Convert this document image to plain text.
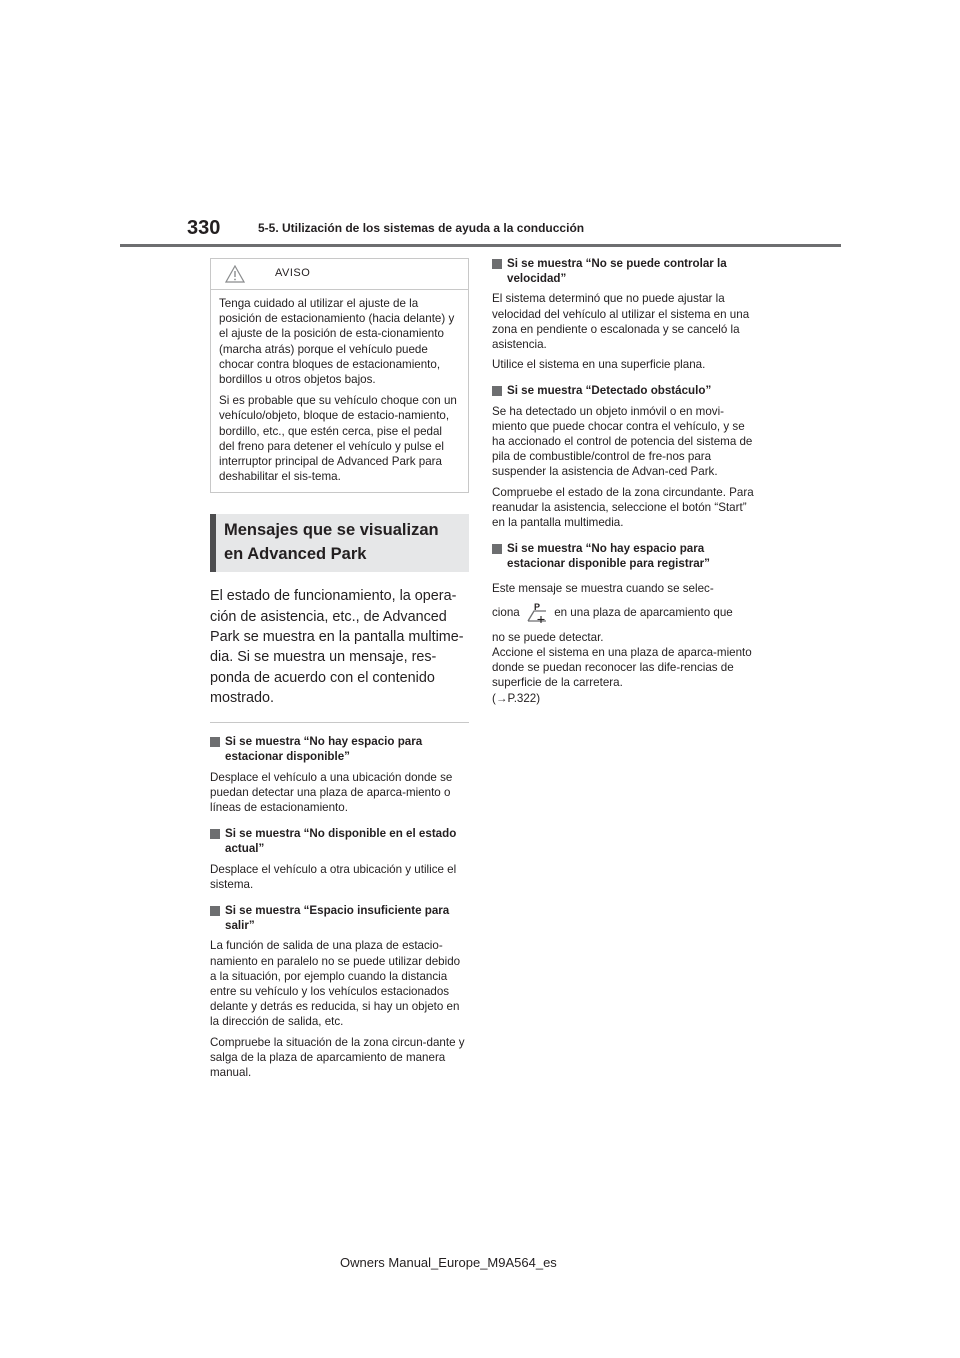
330	5-5. Utilización de los sistemas de ayuda a la conducción
AVISO

Tenga cuidado al utilizar el ajuste de la posición de estacionamiento (hacia delante) y el ajuste de la posición de esta-cionamiento (marcha atrás) porque el vehículo puede chocar contra bloques de estacionamiento, bordillos u otros objetos bajos.

Si es probable que su vehículo choque con un vehículo/objeto, bloque de estacio-namiento, bordillo, etc., que estén cerca, pise el pedal del freno para detener el vehículo y pulse el interruptor principal de Advanced Park para deshabilitar el sis-tema.

Mensajes que se visualizan en Advanced Park

El estado de funcionamiento, la opera-ción de asistencia, etc., de Advanced Park se muestra en la pantalla multime-dia. Si se muestra un mensaje, res-ponda de acuerdo con el contenido mostrado.

Si se muestra “No hay espacio para estacionar disponible”

Desplace el vehículo a una ubicación donde se puedan detectar una plaza de aparca-miento o líneas de estacionamiento.

Si se muestra “No disponible en el estado actual”

Desplace el vehículo a otra ubicación y utilice el sistema.

Si se muestra “Espacio insuficiente para salir”

La función de salida de una plaza de estacio-namiento en paralelo no se puede utilizar debido a la situación, por ejemplo cuando la distancia entre su vehículo y los vehículos estacionados delante y detrás es reducida, si hay un objeto en la dirección de salida, etc.

Compruebe la situación de la zona circun-dante y salga de la plaza de aparcamiento de manera manual.

Si se muestra “No se puede controlar la velocidad”

El sistema determinó que no puede ajustar la velocidad del vehículo al utilizar el sistema en una zona en pendiente o escalonada y se canceló la asistencia.

Utilice el sistema en una superficie plana.

Si se muestra “Detectado obstáculo”

Se ha detectado un objeto inmóvil o en movi-miento que puede chocar contra el vehículo, y se ha accionado el control de potencia del sistema de pila de combustible/control de fre-nos para suspender la asistencia de Advan-ced Park.

Compruebe el estado de la zona circundante. Para reanudar la asistencia, seleccione el botón “Start” en la pantalla multimedia.

Si se muestra “No hay espacio para estacionar disponible para registrar”

Este mensaje se muestra cuando se selec-

ciona P en una plaza de aparcamiento que

no se puede detectar.

Accione el sistema en una plaza de aparca-miento donde se puedan reconocer las dife-rencias de superficie de la carretera.

(→P.322)

Owners Manual_Europe_M9A564_es
